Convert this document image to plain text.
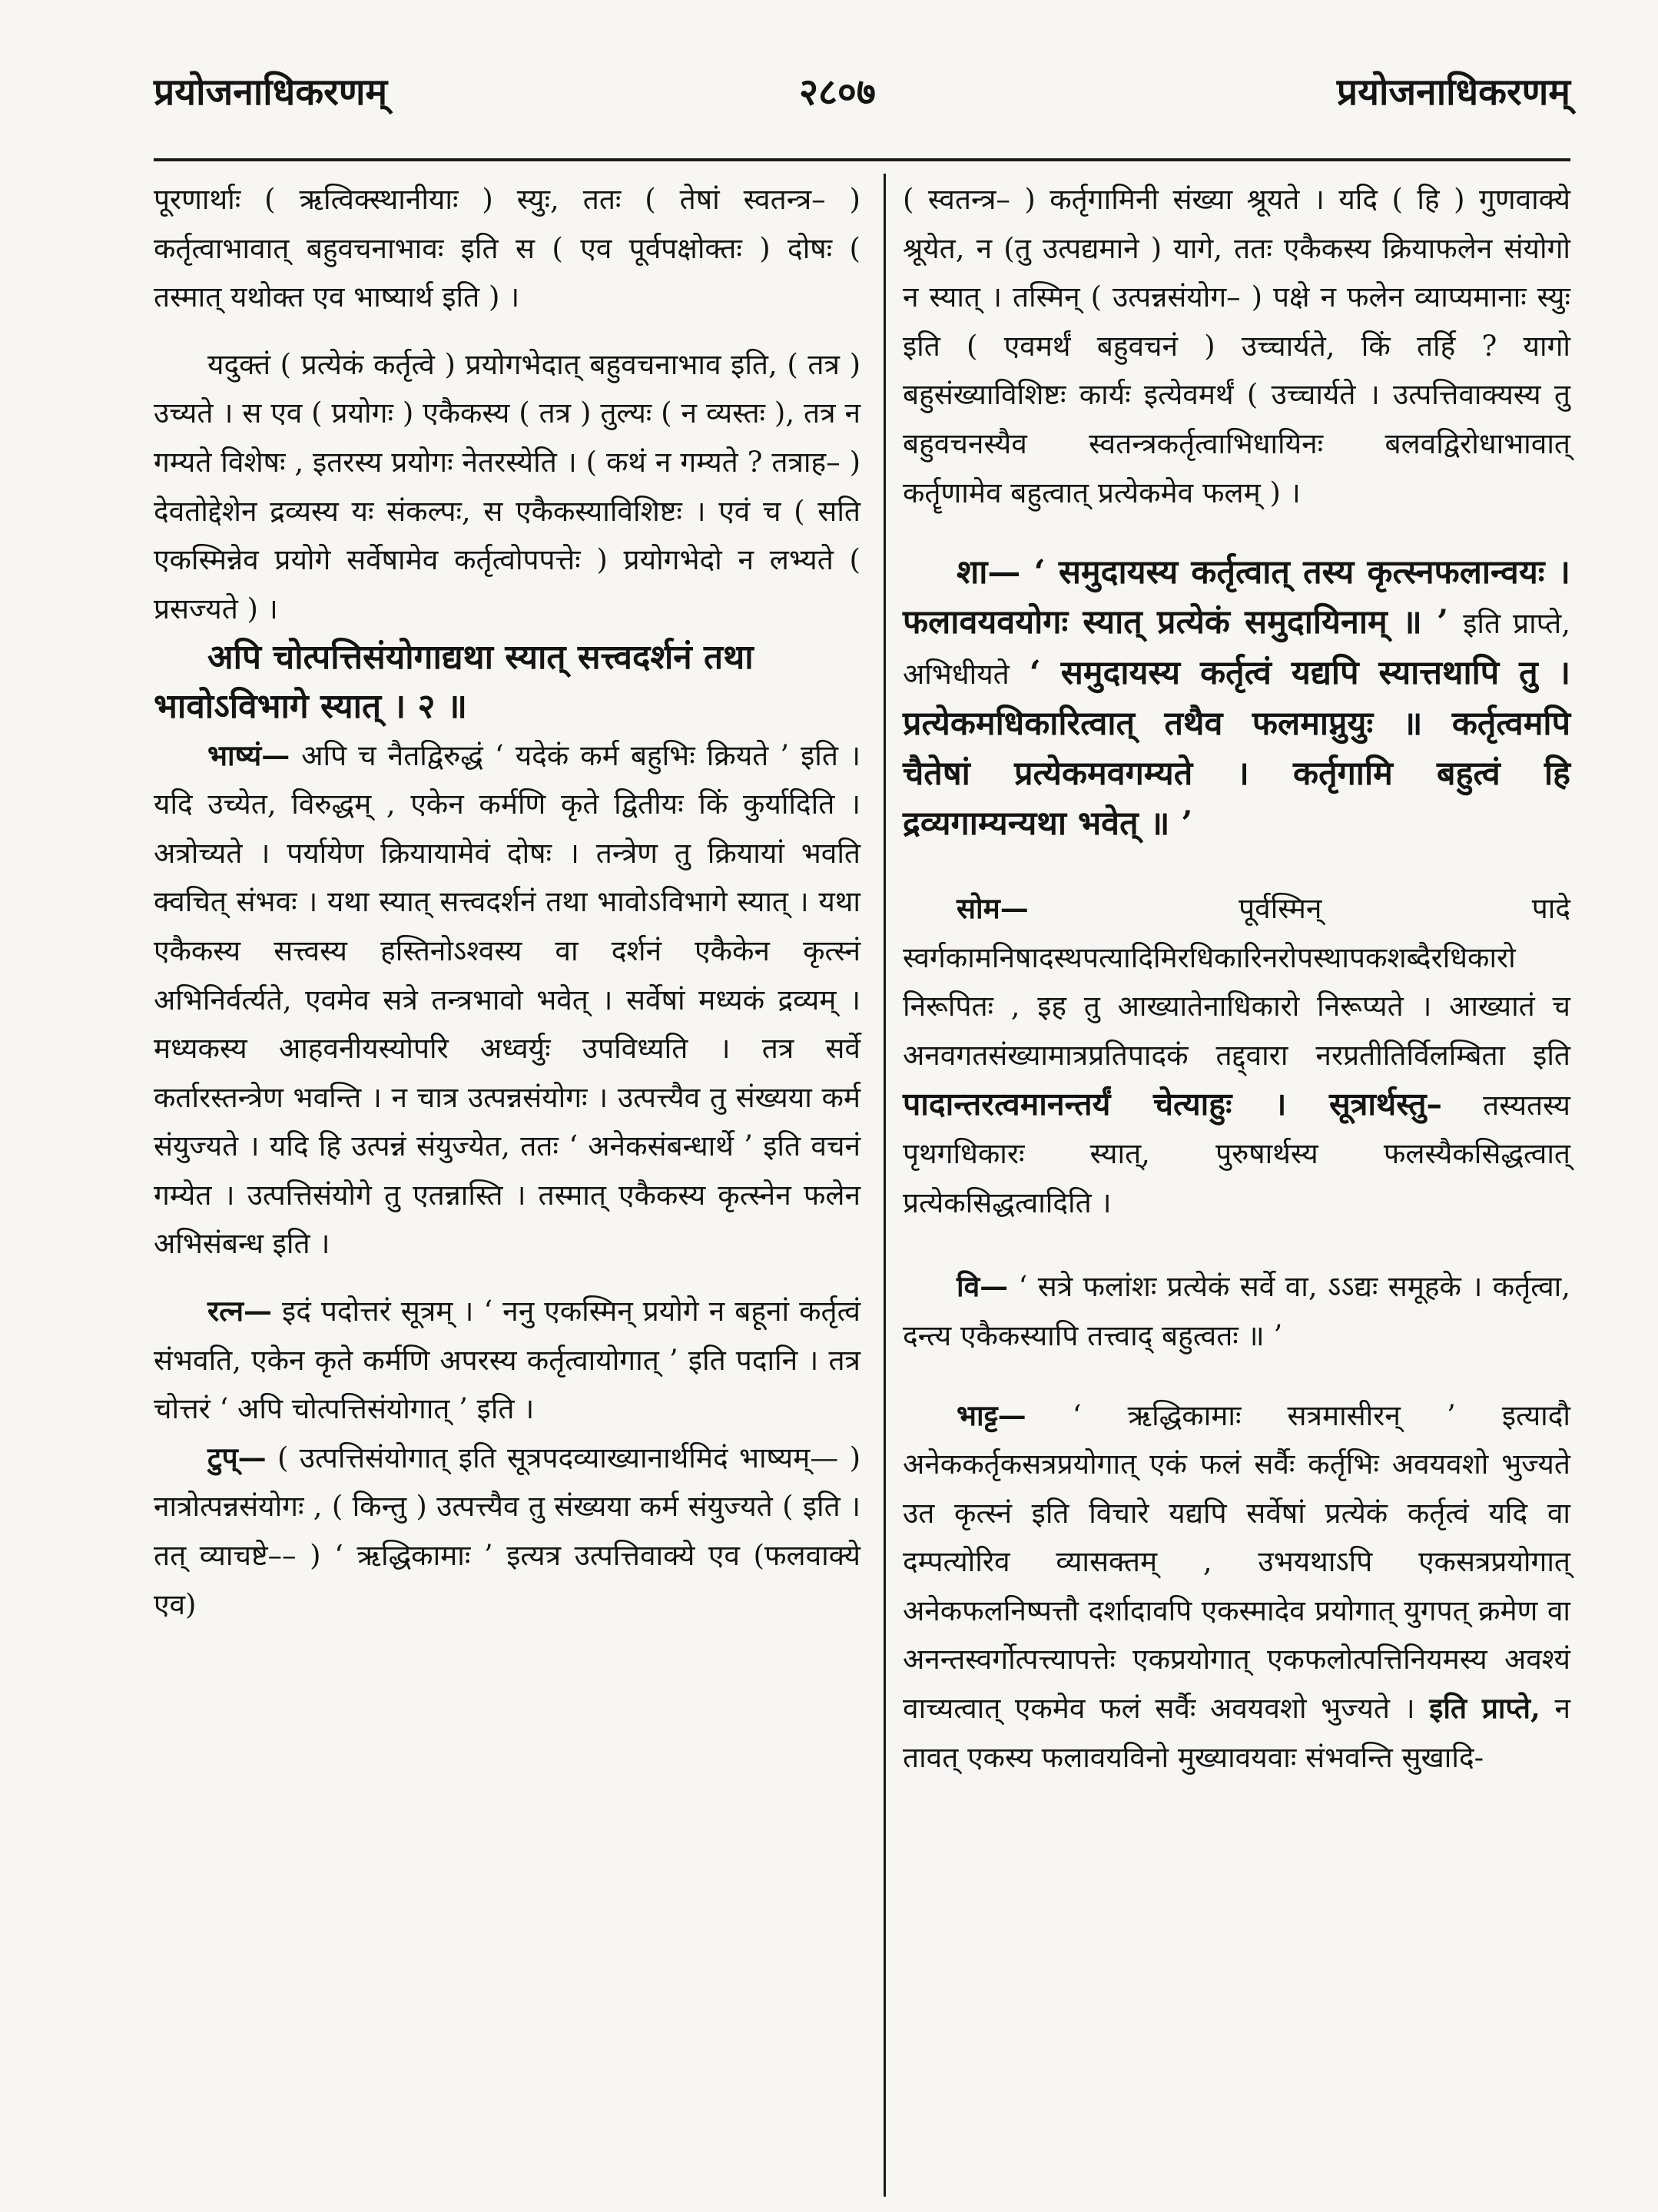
प्रयोजनाधिकरणम्	२८०७	प्रयोजनाधिकरणम्

पूरणार्थाः ( ऋत्विक्स्थानीयाः ) स्युः, ततः ( तेषां स्वतन्त्र– ) कर्तृत्वाभावात् बहुवचनाभावः इति स ( एव पूर्वपक्षोक्तः ) दोषः ( तस्मात् यथोक्त एव भाष्यार्थ इति ) ।

यदुक्तं ( प्रत्येकं कर्तृत्वे ) प्रयोगभेदात् बहुवचनाभाव इति, ( तत्र ) उच्यते । स एव ( प्रयोगः ) एकैकस्य ( तत्र ) तुल्यः ( न व्यस्तः ), तत्र न गम्यते विशेषः , इतरस्य प्रयोगः नेतरस्येति । ( कथं न गम्यते ? तत्राह– ) देवतोद्देशेन द्रव्यस्य यः संकल्पः, स एकैकस्याविशिष्टः । एवं च ( सति एकस्मिन्नेव प्रयोगे सर्वेषामेव कर्तृत्वोपपत्तेः ) प्रयोगभेदो न लभ्यते ( प्रसज्यते ) ।

अपि चोत्पत्तिसंयोगाद्यथा स्यात् सत्त्वदर्शनं तथा भावोऽविभागे स्यात् । २ ॥

भाष्यं— अपि च नैतद्विरुद्धं ‘ यदेकं कर्म बहुभिः क्रियते ’ इति । यदि उच्येत, विरुद्धम् , एकेन कर्मणि कृते द्वितीयः किं कुर्यादिति । अत्रोच्यते । पर्यायेण क्रियायामेवं दोषः । तन्त्रेण तु क्रियायां भवति क्वचित् संभवः । यथा स्यात् सत्त्वदर्शनं तथा भावोऽविभागे स्यात् । यथा एकैकस्य सत्त्वस्य हस्तिनोऽश्वस्य वा दर्शनं एकैकेन कृत्स्नं अभिनिर्वर्त्यते, एवमेव सत्रे तन्त्रभावो भवेत् । सर्वेषां मध्यकं द्रव्यम् । मध्यकस्य आहवनीयस्योपरि अध्वर्युः उपविध्यति । तत्र सर्वे कर्तारस्तन्त्रेण भवन्ति । न चात्र उत्पन्नसंयोगः । उत्पत्त्यैव तु संख्यया कर्म संयुज्यते । यदि हि उत्पन्नं संयुज्येत, ततः ‘ अनेकसंबन्धार्थे ’ इति वचनं गम्येत । उत्पत्तिसंयोगे तु एतन्नास्ति । तस्मात् एकैकस्य कृत्स्नेन फलेन अभिसंबन्ध इति ।

रत्न— इदं पदोत्तरं सूत्रम् । ‘ ननु एकस्मिन् प्रयोगे न बहूनां कर्तृत्वं संभवति, एकेन कृते कर्मणि अपरस्य कर्तृत्वायोगात् ’ इति पदानि । तत्र चोत्तरं ‘ अपि चोत्पत्तिसंयोगात् ’ इति ।

टुप्— ( उत्पत्तिसंयोगात् इति सूत्रपदव्याख्यानार्थमिदं भाष्यम्— ) नात्रोत्पन्नसंयोगः , ( किन्तु ) उत्पत्त्यैव तु संख्यया कर्म संयुज्यते ( इति । तत् व्याचष्टे–– ) ‘ ऋद्धिकामाः ’ इत्यत्र उत्पत्तिवाक्ये एव (फलवाक्ये एव)

( स्वतन्त्र– ) कर्तृगामिनी संख्या श्रूयते । यदि ( हि ) गुणवाक्ये श्रूयेत, न (तु उत्पद्यमाने ) यागे, ततः एकैकस्य क्रियाफलेन संयोगो न स्यात् । तस्मिन् ( उत्पन्नसंयोग– ) पक्षे न फलेन व्याप्यमानाः स्युः इति ( एवमर्थं बहुवचनं ) उच्चार्यते, किं तर्हि ? यागो बहुसंख्याविशिष्टः कार्यः इत्येवमर्थं ( उच्चार्यते । उत्पत्तिवाक्यस्य तु बहुवचनस्यैव स्वतन्त्रकर्तृत्वाभिधायिनः बलवद्विरोधाभावात् कर्तॄणामेव बहुत्वात् प्रत्येकमेव फलम् ) ।

शा— ‘ समुदायस्य कर्तृत्वात् तस्य कृत्स्नफलान्वयः । फलावयवयोगः स्यात् प्रत्येकं समुदायिनाम् ॥ ’ इति प्राप्ते, अभिधीयते ‘ समुदायस्य कर्तृत्वं यद्यपि स्यात्तथापि तु । प्रत्येकमधिकारित्वात् तथैव फलमाप्नुयुः ॥ कर्तृत्वमपि चैतेषां प्रत्येकमवगम्यते । कर्तृगामि बहुत्वं हि द्रव्यगाम्यन्यथा भवेत् ॥ ’

सोम—	पूर्वस्मिन् पादे स्वर्गकामनिषादस्थपत्यादिमिरधिकारिनरोपस्थापकशब्दैरधिकारो निरूपितः , इह तु आख्यातेनाधिकारो निरूप्यते । आख्यातं च अनवगतसंख्यामात्रप्रतिपादकं तद्द्वारा नरप्रतीतिर्विलम्बिता इति पादान्तरत्वमानन्तर्यं चेत्याहुः । सूत्रार्थस्तु– तस्यतस्य पृथगधिकारः स्यात्, पुरुषार्थस्य फलस्यैकसिद्धत्वात् प्रत्येकसिद्धत्वादिति ।

वि— ‘ सत्रे फलांशः प्रत्येकं सर्वे वा, ऽऽद्यः समूहके । कर्तृत्वा, दन्त्य एकैकस्यापि तत्त्वाद् बहुत्वतः ॥ ’

भाट्ट— ‘ ऋद्धिकामाः सत्रमासीरन् ’ इत्यादौ अनेककर्तृकसत्रप्रयोगात् एकं फलं सर्वैः कर्तृभिः अवयवशो भुज्यते उत कृत्स्नं इति विचारे यद्यपि सर्वेषां प्रत्येकं कर्तृत्वं यदि वा दम्पत्योरिव व्यासक्तम् , उभयथाऽपि एकसत्रप्रयोगात् अनेकफलनिष्पत्तौ दर्शादावपि एकस्मादेव प्रयोगात् युगपत् क्रमेण वा अनन्तस्वर्गोत्पत्त्यापत्तेः एकप्रयोगात् एकफलोत्पत्तिनियमस्य अवश्यं वाच्यत्वात् एकमेव फलं सर्वैः अवयवशो भुज्यते । इति प्राप्ते, न तावत् एकस्य फलावयविनो मुख्यावयवाः संभवन्ति सुखादि-
